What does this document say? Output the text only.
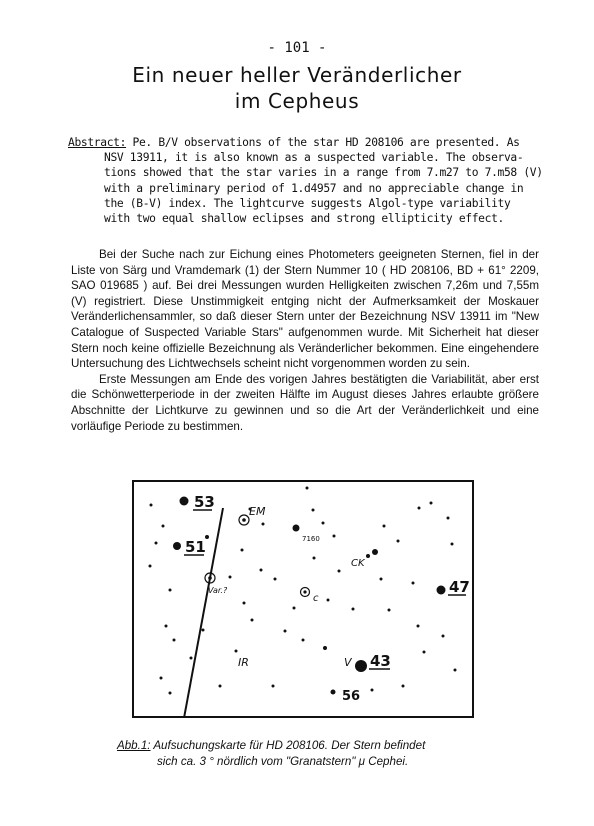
- 101 -
Ein neuer heller Veränderlicher
im Cepheus
Abstract: Pe. B/V observations of the star HD 208106 are presented. As
NSV 13911, it is also known as a suspected variable. The observa-
tions showed that the star varies in a range from 7.m27 to 7.m58 (V)
with a preliminary period of 1.d4957 and no appreciable change in
the (B-V) index. The lightcurve suggests Algol-type variability
with two equal shallow eclipses and strong ellipticity effect.

Bei der Suche nach zur Eichung eines Photometers geeigneten Sternen, fiel in der Liste von Särg und Vramdemark (1) der Stern Nummer 10 ( HD 208106, BD + 61° 2209, SAO 019685 ) auf. Bei drei Messungen wurden Helligkeiten zwischen 7,26m und 7,55m (V) registriert. Diese Unstimmigkeit entging nicht der Aufmerksamkeit der Moskauer Veränderlichensammler, so daß dieser Stern unter der Bezeichnung NSV 13911 im "New Catalogue of Suspected Variable Stars" aufgenommen wurde. Mit Sicherheit hat dieser Stern noch keine offizielle Bezeichnung als Veränderlicher bekommen. Eine eingehendere Untersuchung des Lichtwechsels scheint nicht vorgenommen worden zu sein.

Erste Messungen am Ende des vorigen Jahres bestätigten die Variabilität, aber erst die Schönwetterperiode in der zweiten Hälfte im August dieses Jahres erlaubte größere Abschnitte der Lichtkurve zu gewinnen und so die Art der Veränderlichkeit und eine vorläufige Periode zu bestimmen.

53
51
47
43
56
EM
7160
CK
Var.?
c
IR	V
Abb.1: Aufsuchungskarte für HD 208106. Der Stern befindet
sich ca. 3 ° nördlich vom "Granatstern" μ Cephei.
